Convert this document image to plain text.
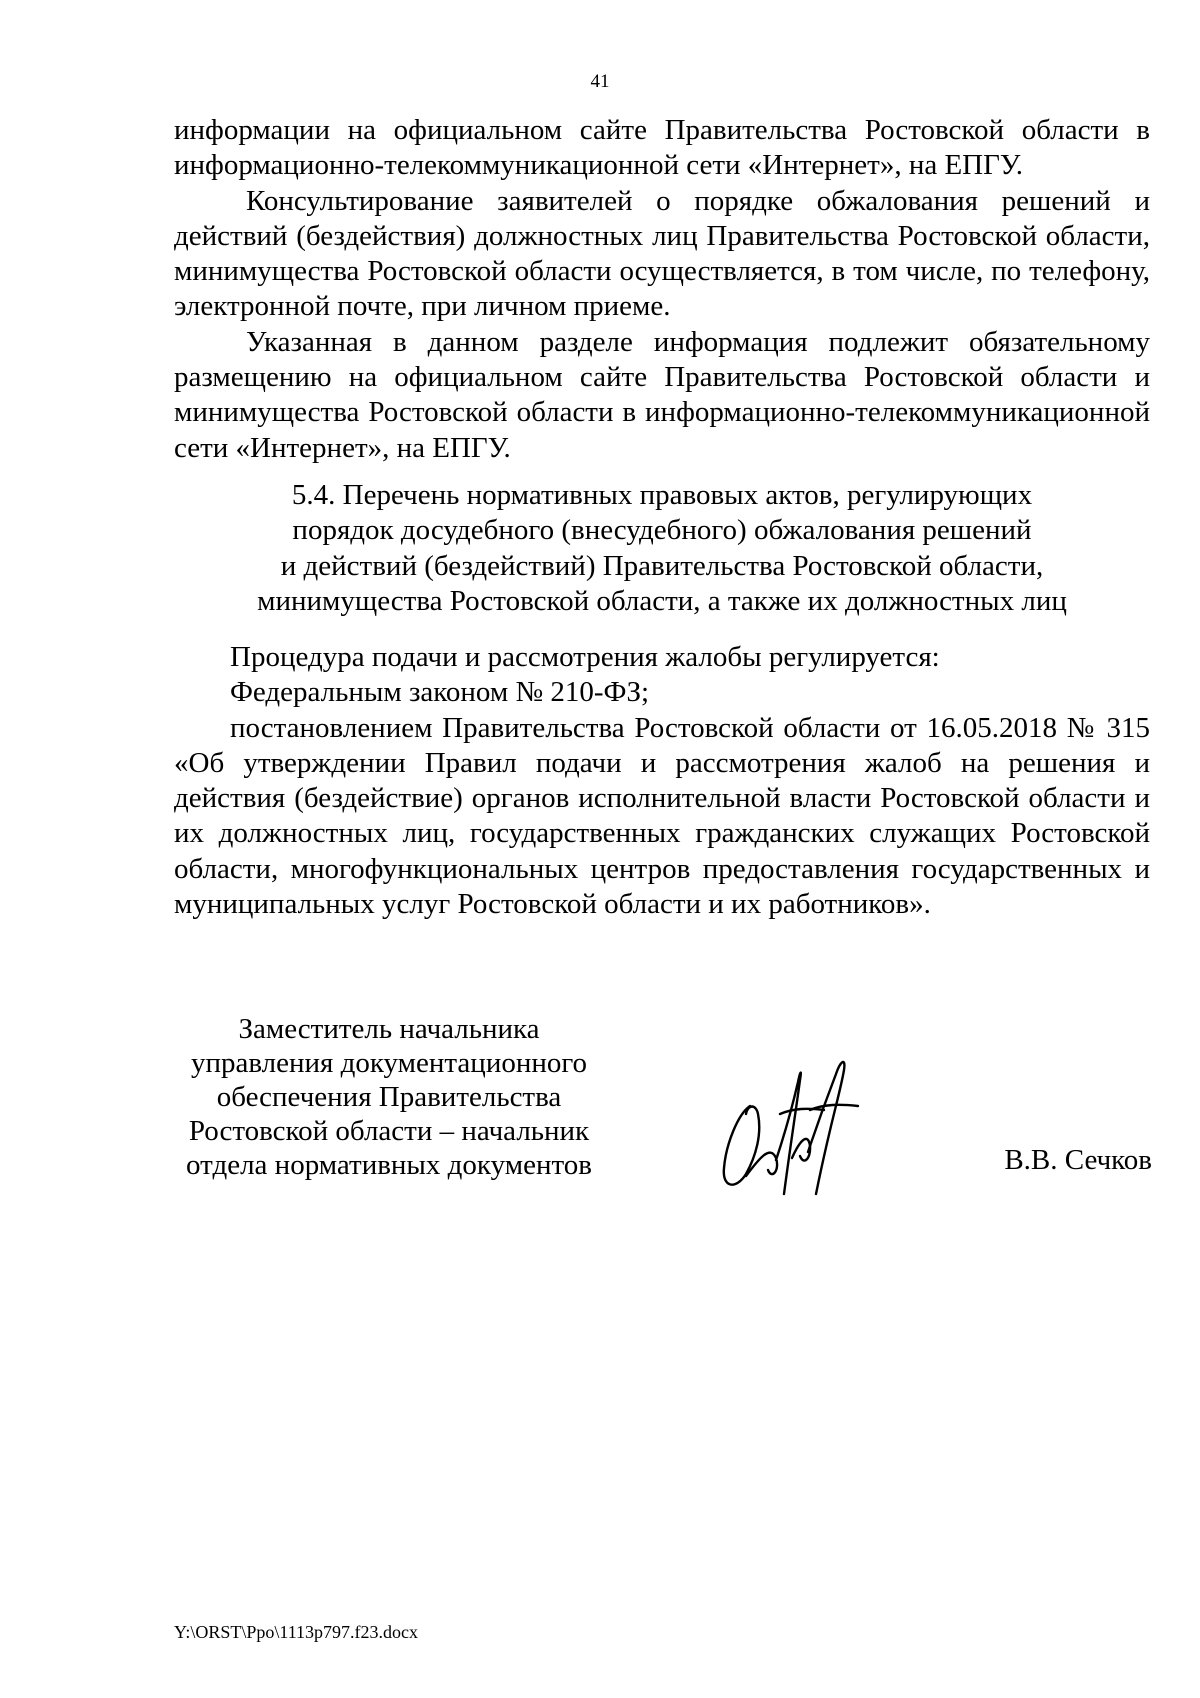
41

информации на официальном сайте Правительства Ростовской области в информационно-телекоммуникационной сети «Интернет», на ЕПГУ.

Консультирование заявителей о порядке обжалования решений и действий (бездействия) должностных лиц Правительства Ростовской области, минимущества Ростовской области осуществляется, в том числе, по телефону, электронной почте, при личном приеме.

Указанная в данном разделе информация подлежит обязательному размещению на официальном сайте Правительства Ростовской области и минимущества Ростовской области в информационно-телекоммуникационной сети «Интернет», на ЕПГУ.

5.4. Перечень нормативных правовых актов, регулирующих
порядок досудебного (внесудебного) обжалования решений
и действий (бездействий) Правительства Ростовской области,
минимущества Ростовской области, а также их должностных лиц

Процедура подачи и рассмотрения жалобы регулируется:

Федеральным законом № 210-ФЗ;

постановлением Правительства Ростовской области от 16.05.2018 № 315 «Об утверждении Правил подачи и рассмотрения жалоб на решения и действия (бездействие) органов исполнительной власти Ростовской области и их должностных лиц, государственных гражданских служащих Ростовской области, многофункциональных центров предоставления государственных и муниципальных услуг Ростовской области и их работников».

Заместитель начальника
управления документационного
обеспечения Правительства
Ростовской области – начальник
отдела нормативных документов	В.В. Сечков
Y:\ORST\Ppo\1113p797.f23.docx
